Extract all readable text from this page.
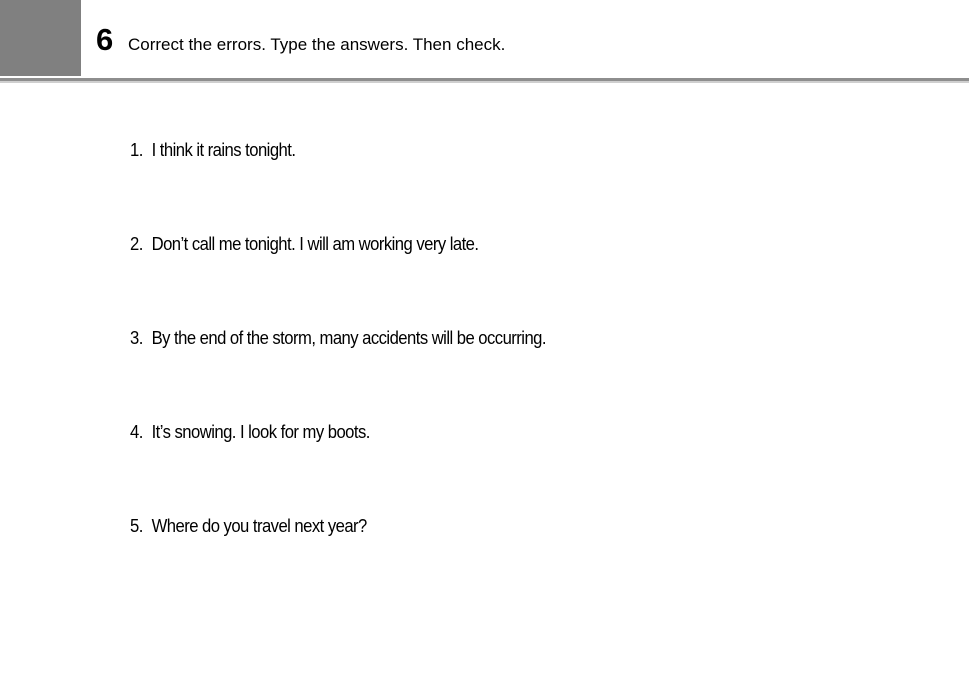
6 Correct the errors. Type the answers. Then check.
1. I think it rains tonight.
2. Don’t call me tonight. I will am working very late.
3. By the end of the storm, many accidents will be occurring.
4. It’s snowing. I look for my boots.
5. Where do you travel next year?
